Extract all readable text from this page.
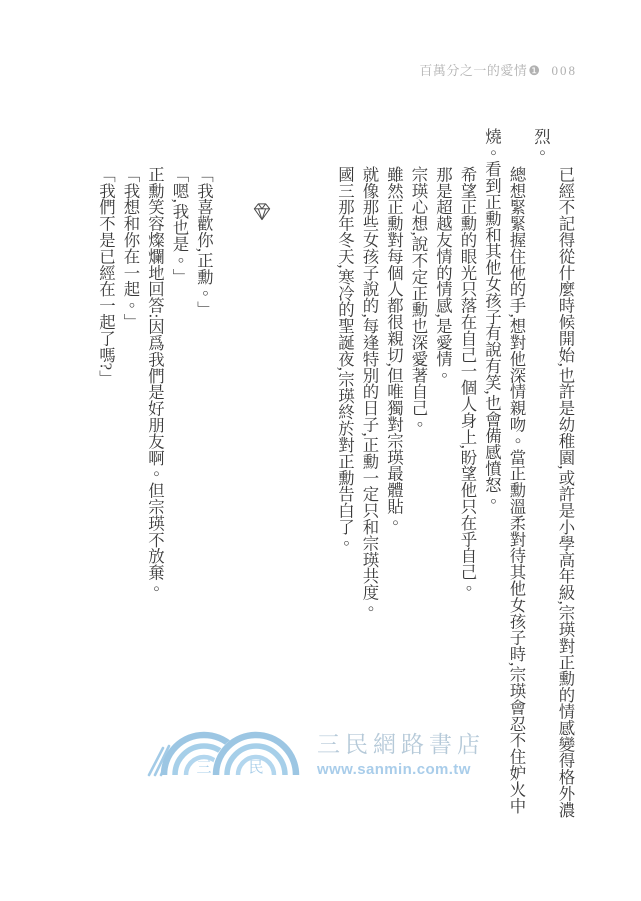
百萬分之一的愛情❶ 008

已經不記得從什麼時候開始,也許是幼稚園,或許是小學高年級,宗瑛對正勳的情感變得格外濃烈。

總想緊緊握住他的手,想對他深情親吻。當正勳溫柔對待其他女孩子時,宗瑛會忍不住妒火中燒。看到正勳和其他女孩子有說有笑,也會備感憤怒。

希望正勳的眼光只落在自己一個人身上,盼望他只在乎自己。

那是超越友情的情感,是愛情。

宗瑛心想,說不定正勳也深愛著自己。

雖然正勳對每個人都很親切,但唯獨對宗瑛最體貼。

就像那些女孩子說的,每逢特別的日子,正勳一定只和宗瑛共度。

國三那年冬天,寒冷的聖誕夜,宗瑛終於對正勳告白了。

「我喜歡你,正勳。」

「嗯,我也是。」

正勳笑容燦爛地回答:因爲我們是好朋友啊。但宗瑛不放棄。

「我想和你在一起。」

「我們不是已經在一起了嗎?」

三 民
三民網路書店
www.sanmin.com.tw
